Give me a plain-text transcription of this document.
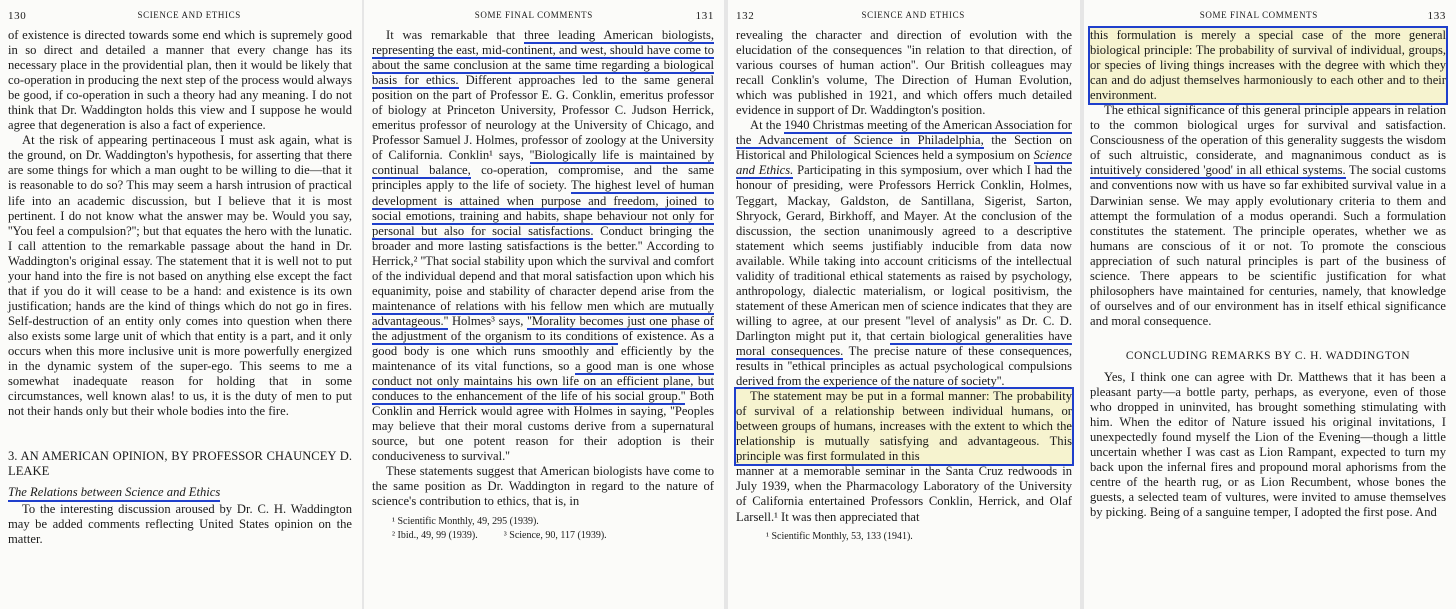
130	SCIENCE AND ETHICS

of existence is directed towards some end which is supremely good in so direct and detailed a manner that every change has its necessary place in the providential plan, then it would be likely that co-operation in producing the next step of the process would always be good, if co-operation in such a theory had any meaning. I do not think that Dr. Waddington holds this view and I suppose he would agree that degeneration is also a fact of experience.

At the risk of appearing pertinaceous I must ask again, what is the ground, on Dr. Waddington's hypothesis, for asserting that there are some things for which a man ought to be willing to die—that it is reasonable to do so? This may seem a harsh intrusion of practical life into an academic discussion, but I believe that it is most pertinent. I do not know what the answer may be. Would you say, ''You feel a compulsion?''; but that equates the hero with the lunatic. I call attention to the remarkable passage about the hand in Dr. Waddington's original essay. The statement that it is well not to put your hand into the fire is not based on anything else except the fact that if you do it will cease to be a hand: and existence is its own justification; hands are the kind of things which do not go in fires. Self-destruction of an entity only comes into question when there also exists some large unit of which that entity is a part, and it only occurs when this more inclusive unit is more powerfully energized in the dynamic system of the super-ego. This seems to me a somewhat inadequate reason for holding that in some circumstances, well known alas! to us, it is the duty of men to put not their hands only but their whole bodies into the fire.

3. AN AMERICAN OPINION, BY PROFESSOR CHAUNCEY D. LEAKE
The Relations between Science and Ethics

To the interesting discussion aroused by Dr. C. H. Waddington may be added comments reflecting United States opinion on the matter.

SOME FINAL COMMENTS	131

It was remarkable that three leading American biologists, representing the east, mid-continent, and west, should have come to about the same conclusion at the same time regarding a biological basis for ethics. Different approaches led to the same general position on the part of Professor E. G. Conklin, emeritus professor of biology at Princeton University, Professor C. Judson Herrick, emeritus professor of neurology at the University of Chicago, and Professor Samuel J. Holmes, professor of zoology at the University of California. Conklin¹ says, ''Biologically life is maintained by continual balance, co-operation, compromise, and the same principles apply to the life of society. The highest level of human development is attained when purpose and freedom, joined to social emotions, training and habits, shape behaviour not only for personal but also for social satisfactions. Conduct bringing the broader and more lasting satisfactions is the better.'' According to Herrick,² ''That social stability upon which the survival and comfort of the individual depend and that moral satisfaction upon which his equanimity, poise and stability of character depend arise from the maintenance of relations with his fellow men which are mutually advantageous.'' Holmes³ says, ''Morality becomes just one phase of the adjustment of the organism to its conditions of existence. As a good body is one which runs smoothly and efficiently by the maintenance of its vital functions, so a good man is one whose conduct not only maintains his own life on an efficient plane, but conduces to the enhancement of the life of his social group.'' Both Conklin and Herrick would agree with Holmes in saying, ''Peoples may believe that their moral customs derive from a supernatural source, but one potent reason for their adoption is their conduciveness to survival.''

These statements suggest that American biologists have come to the same position as Dr. Waddington in regard to the nature of science's contribution to ethics, that is, in

¹ Scientific Monthly, 49, 295 (1939).
² Ibid., 49, 99 (1939).	³ Science, 90, 117 (1939).
132	SCIENCE AND ETHICS

revealing the character and direction of evolution with the elucidation of the consequences ''in relation to that direction, of various courses of human action''. Our British colleagues may recall Conklin's volume, The Direction of Human Evolution, which was published in 1921, and which offers much detailed evidence in support of Dr. Waddington's position.

At the 1940 Christmas meeting of the American Association for the Advancement of Science in Philadelphia, the Section on Historical and Philological Sciences held a symposium on Science and Ethics. Participating in this symposium, over which I had the honour of presiding, were Professors Herrick Conklin, Holmes, Teggart, Mackay, Galdston, de Santillana, Sigerist, Sarton, Shryock, Gerard, Birkhoff, and Mayer. At the conclusion of the discussion, the section unanimously agreed to a descriptive statement which seems justifiably inducible from data now available. While taking into account criticisms of the intellectual validity of traditional ethical statements as raised by psychology, anthropology, dialectic materialism, or logical positivism, the statement of these American men of science indicates that they are willing to agree, at our present ''level of analysis'' as Dr. C. D. Darlington might put it, that certain biological generalities have moral consequences. The precise nature of these consequences, results in ''ethical principles as actual psychological compulsions derived from the experience of the nature of society''.

The statement may be put in a formal manner: The probability of survival of a relationship between individual humans, or between groups of humans, increases with the extent to which the relationship is mutually satisfying and advantageous. This principle was first formulated in this

manner at a memorable seminar in the Santa Cruz redwoods in July 1939, when the Pharmacology Laboratory of the University of California entertained Professors Conklin, Herrick, and Olaf Larsell.¹ It was then appreciated that

¹ Scientific Monthly, 53, 133 (1941).
SOME FINAL COMMENTS	133

this formulation is merely a special case of the more general biological principle: The probability of survival of individual, groups, or species of living things increases with the degree with which they can and do adjust themselves harmoniously to each other and to their environment.

The ethical significance of this general principle appears in relation to the common biological urges for survival and satisfaction. Consciousness of the operation of this generality suggests the wisdom of such altruistic, considerate, and magnanimous conduct as is intuitively considered 'good' in all ethical systems. The social customs and conventions now with us have so far exhibited survival value in a Darwinian sense. We may apply evolutionary criteria to them and attempt the formulation of a modus operandi. Such a formulation constitutes the statement. The principle operates, whether we as humans are conscious of it or not. To promote the conscious appreciation of such natural principles is part of the business of science. There appears to be scientific justification for what philosophers have maintained for centuries, namely, that knowledge of ourselves and of our environment has in itself ethical significance and moral consequence.

CONCLUDING REMARKS BY C. H. WADDINGTON

Yes, I think one can agree with Dr. Matthews that it has been a pleasant party—a bottle party, perhaps, as everyone, even of those who dropped in uninvited, has brought something stimulating with him. When the editor of Nature issued his original invitations, I unexpectedly found myself the Lion of the Evening—though a little uncertain whether I was cast as Lion Rampant, expected to turn my back upon the infernal fires and propound moral aphorisms from the centre of the hearth rug, or as Lion Recumbent, whose bones the guests, a selected team of vultures, were invited to amuse themselves by picking. Being of a sanguine temper, I adopted the first pose. And
